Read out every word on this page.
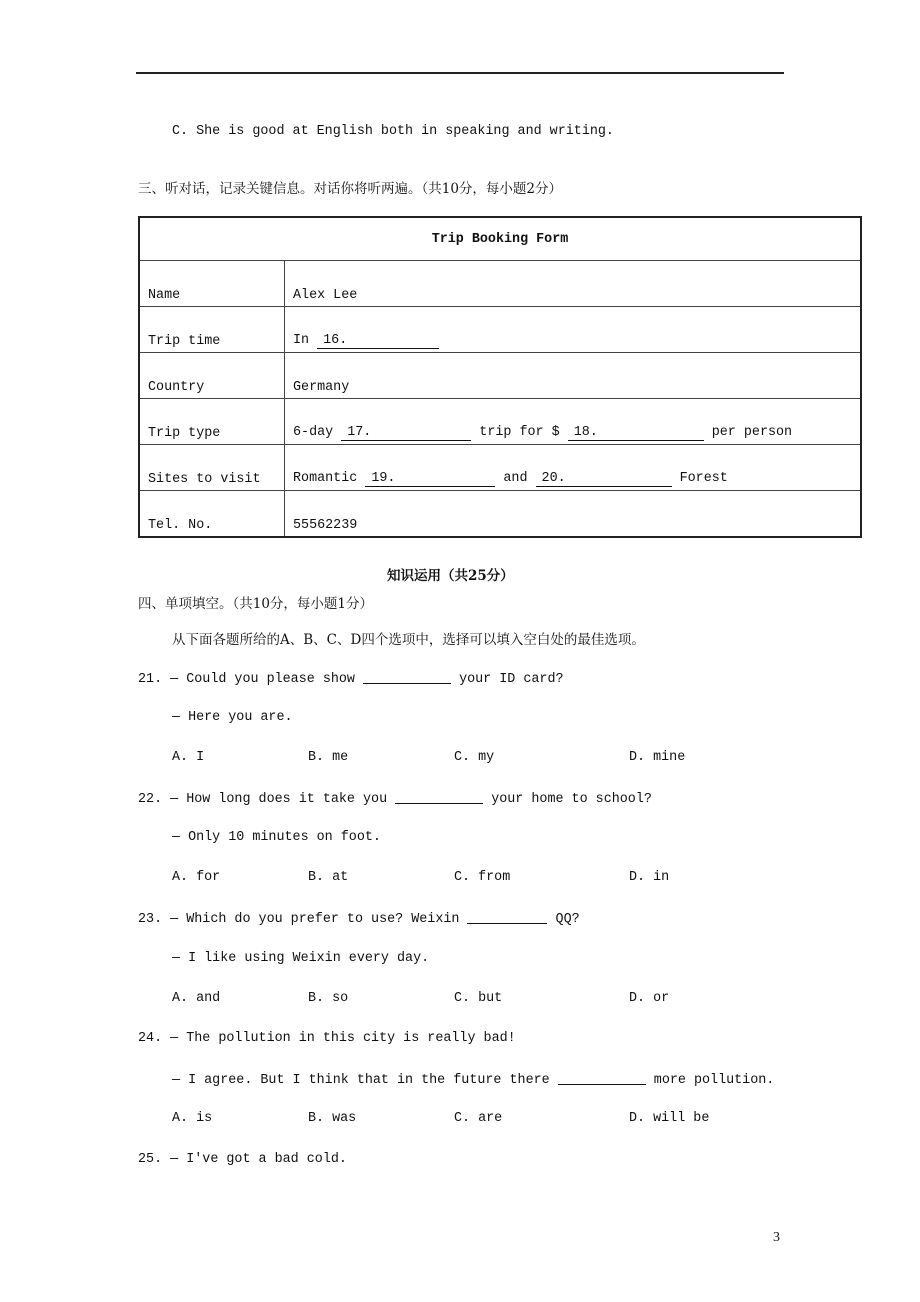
C. She is good at English both in speaking and writing.
三、听对话，记录关键信息。对话你将听两遍。（共10分，每小题2分）
Trip Booking Form	
Name	Alex Lee
Trip time	In 16.
Country	Germany
Trip type	6-day 17. trip for $ 18. per person
Sites to visit	Romantic 19. and 20. Forest
Tel. No.	55562239
知识运用（共25分）
四、单项填空。（共10分，每小题1分）
从下面各题所给的A、B、C、D四个选项中，选择可以填入空白处的最佳选项。
21. — Could you please show	your ID card?
— Here you are.
A. I	B. me	C. my	D. mine
22. — How long does it take you	your home to school?
— Only 10 minutes on foot.
A. for	B. at	C. from	D. in
23. — Which do you prefer to use? Weixin	QQ?
— I like using Weixin every day.
A. and	B. so	C. but	D. or
24. — The pollution in this city is really bad!
— I agree. But I think that in the future there	more pollution.
A. is	B. was	C. are	D. will be
25. — I've got a bad cold.
3
